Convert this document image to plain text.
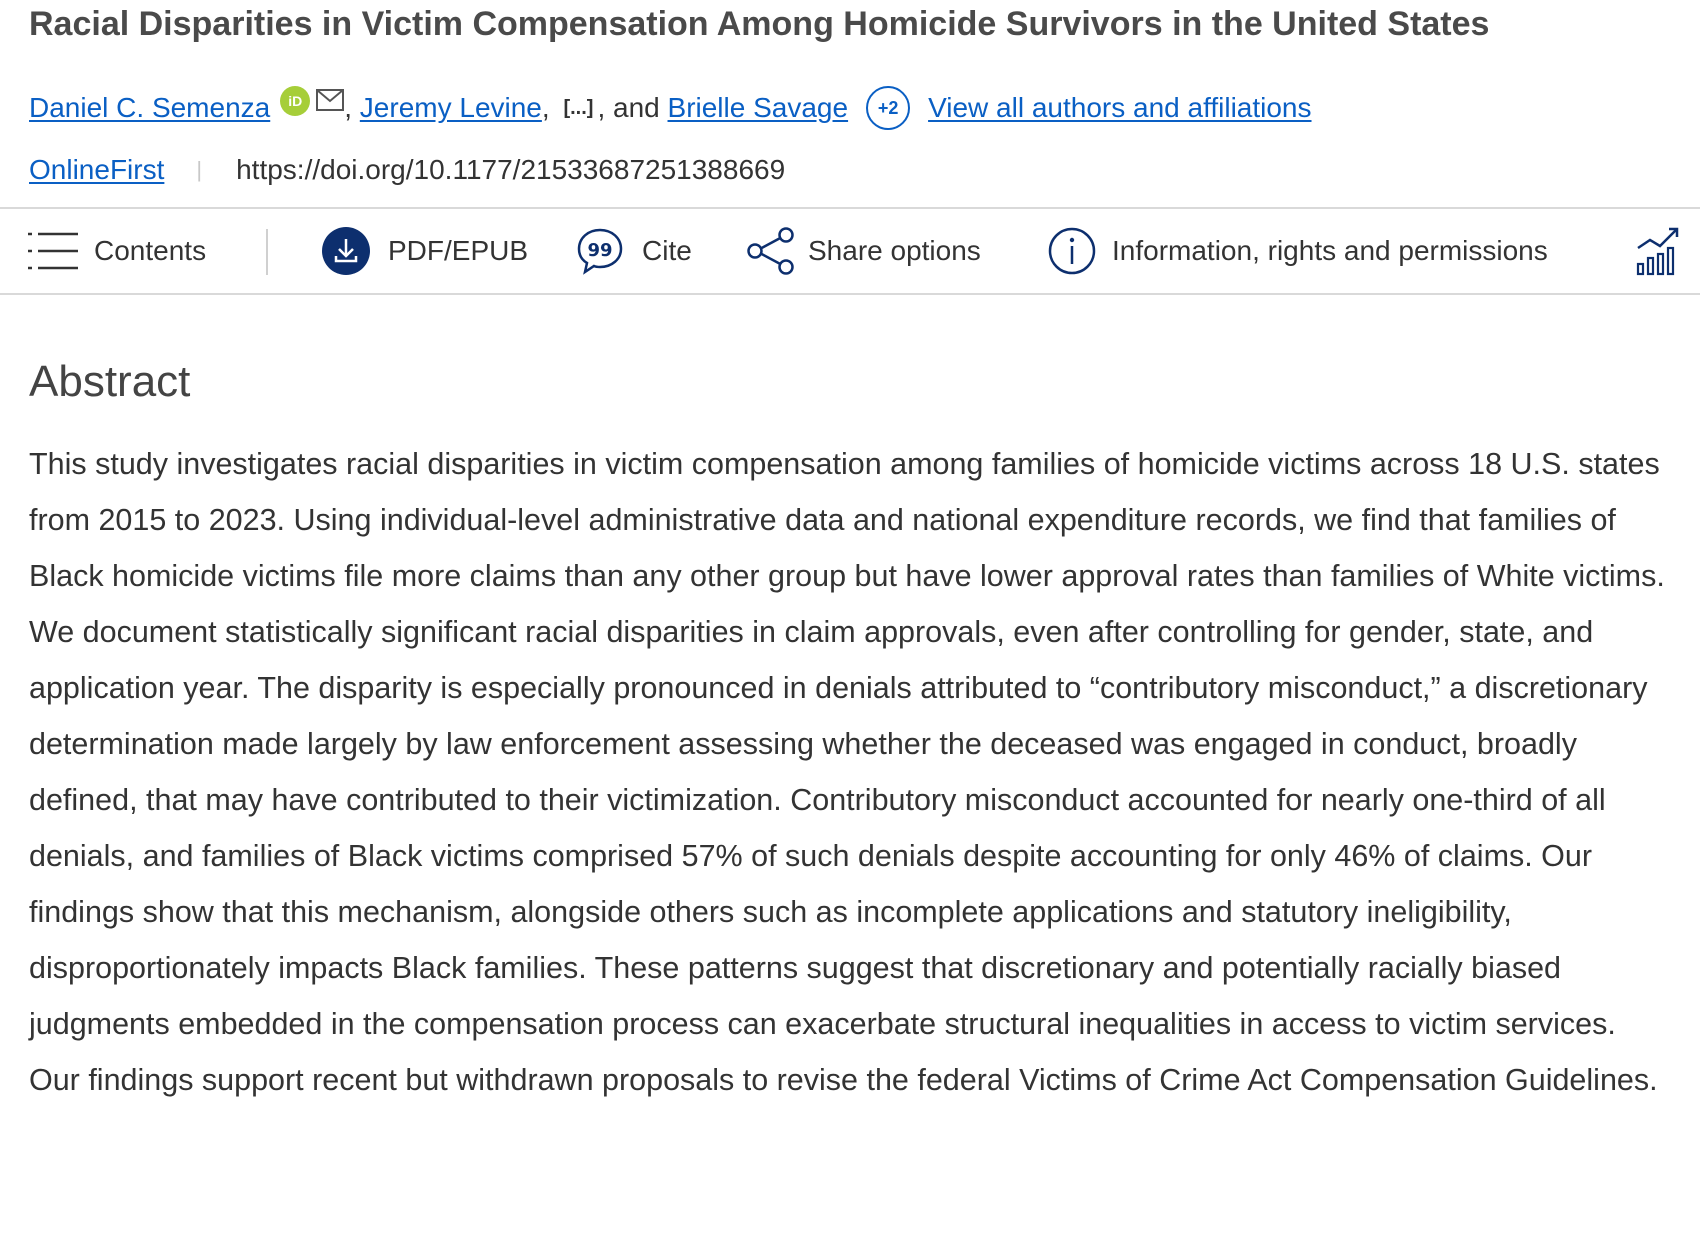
Racial Disparities in Victim Compensation Among Homicide Survivors in the United States
Daniel C. Semenza	iD , Jeremy Levine , [...] , and Brielle Savage	+2	View all authors and affiliations
OnlineFirst | https://doi.org/10.1177/21533687251388669
Contents	PDF/EPUB	99 Cite	Share options	Information, rights and permissions
Abstract

This study investigates racial disparities in victim compensation among families of homicide victims across 18 U.S. states from 2015 to 2023. Using individual-level administrative data and national expenditure records, we find that families of Black homicide victims file more claims than any other group but have lower approval rates than families of White victims. We document statistically significant racial disparities in claim approvals, even after controlling for gender, state, and application year. The disparity is especially pronounced in denials attributed to “contributory misconduct,” a discretionary determination made largely by law enforcement assessing whether the deceased was engaged in conduct, broadly defined, that may have contributed to their victimization. Contributory misconduct accounted for nearly one-third of all denials, and families of Black victims comprised 57% of such denials despite accounting for only 46% of claims. Our findings show that this mechanism, alongside others such as incomplete applications and statutory ineligibility, disproportionately impacts Black families. These patterns suggest that discretionary and potentially racially biased judgments embedded in the compensation process can exacerbate structural inequalities in access to victim services. Our findings support recent but withdrawn proposals to revise the federal Victims of Crime Act Compensation Guidelines.
